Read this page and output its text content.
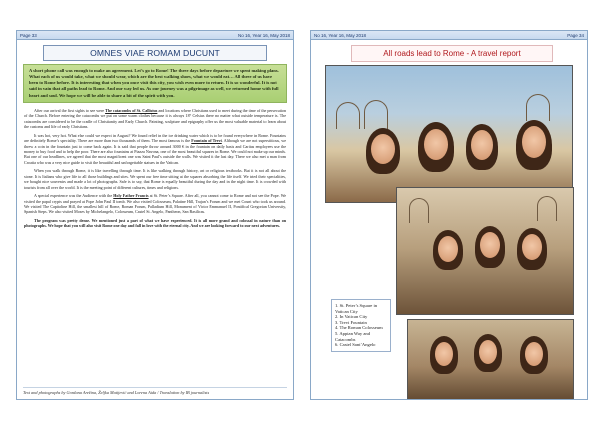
Page 33	No 16, Year 16, May 2018
OMNES VIAE ROMAM DUCUNT
A short phone call was enough to make an agreement. Let’s go to Rome! The three days before departure we spent making plans. What each of us would take, what we should wear, which are the best walking shoes, what we would eat… All three of us have been to Rome before. It is interesting that when you once visit this city, you wish even more to return. It is so wonderful. It is not said in vain that all paths lead to Rome. And our way led us. As our journey was a pilgrimage as well, we returned home with full heart and soul. We hope we will be able to share a bit of the spirit with you.

After our arrival the first sights to see were The catacombs of St. Callistus and locations where Christians used to meet during the time of the persecution of the Church. Before entering the catacombs we put on some warm clothes because it is always 18° Celsius there no matter what outside temperature is. The catacombs are considered to be the cradle of Christianity and Early Church. Painting, sculpture and epigraphy offer us the most valuable material to learn about the customs and life of early Christians.

It was hot, very hot. What else could we expect in August? We found relief in the ice drinking water which is to be found everywhere in Rome. Fountains are definitely Rome’s speciality. There are more than two thousands of them. The most famous is the Fountain of Trevi. Although we are not superstitious, we threw a coin in the fountain just to come back again. It is said that people throw around 3000 € in the fountain on daily basis and Caritas employees use the money to buy food and to help the poor. There are also fountains at Piazza Navona, one of the most beautiful squares in Rome. We could not make up our minds. But one of our headlines, we agreed that the most magnificent one was Saint Paul’s outside the walls. We visited it the last day. There we also met a man from Croatia who was a very nice guide to visit the beautiful and unforgettable statues in the Vatican.

When you walk through Rome, it is like travelling through time. It is like walking through history, art or religious textbooks. But it is not all about the stone. It is Italians who give life to all those buildings and sites. We spent our free time sitting at the squares absorbing the life itself. We tried their specialities, we bought nice souvenirs and made a lot of photographs. Safe is to say, that Rome is equally beautiful during the day and in the night time. It is crowded with tourists from all over the world. It is the meeting point of different cultures, times and religions.

A special experience was the Audience with the Holy Father Francis at St. Peter’s Square. After all, you cannot come to Rome and not see the Pope. We visited the papal crypts and prayed at Pope John Paul II tomb. We also visited Colosseum, Palatine Hill, Trajan’s Forum and we met Count who took us around. We visited The Capitoline Hill, the smallest hill of Rome, Roman Forum, Palladium Hill, Monument of Victor Emmanuel II, Pontifical Gregorian University, Spanish Steps. We also visited Moses by Michelangelo, Colosseum, Castel St. Angelo, Pantheon, San Basilicas.

The program was pretty dense. We mentioned just a part of what we have experienced. It is all more grand and colossal in nature than on photographs. We hope that you will also visit Rome one day and fall in love with the eternal city. And we are looking forward to our next adventures.

Text and photographs by Gordana Arežina, Željka Matijević and Lorena Aida / Translation by IB journalists
No 16, Year 16, May 2018	Page 34
All roads lead to Rome - A travel report
1. St. Peter’s Square in Vatican City
2. In Vatican City
3. Trevi Fountain
4. The Roman Colosseum
5. Appian Way and Catacombs
6. Castel Sant’Angelo
